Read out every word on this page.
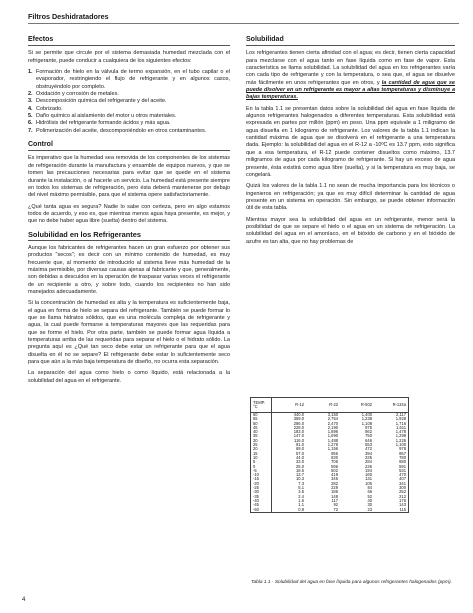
Filtros Deshidratadores
Efectos

Si se permite que circule por el sistema demasiada humedad mezclada con el refrigerante, puede conducir a cualquiera de los siguientes efectos:

1. Formación de hielo en la válvula de termo expansión, en el tubo capilar o el evaporador, restringiendo el flujo de refrigerante y en algunos casos, obstruyéndolo por completo.
2. Oxidación y corrosión de metales.
3. Descomposición química del refrigerante y del aceite.
4. Cobrizado.
5. Daño químico al aislamiento del motor u otros materiales.
6. Hidrólisis del refrigerante formando ácidos y más agua.
7. Polimerización del aceite, descomponiéndolo en otros contaminantes.
Control

Es imperativo que la humedad sea removida de los componentes de los sistemas de refrigeración durante la manufactura y ensamble de equipos nuevos, y que se tomen las precauciones necesarias para evitar que se quede en el sistema durante la instalación, o al hacerle un servicio. La humedad está presente siempre en todos los sistemas de refrigeración, pero ésta deberá mantenerse por debajo del nivel máximo permisible, para que el sistema opere satisfactoriamente.

¿Qué tanta agua es segura? Nadie lo sabe con certeza, pero en algo estamos todos de acuerdo, y eso es, que mientras menos agua haya presente, es mejor, y que no debe haber agua libre (suelta) dentro del sistema.

Solubilidad en los Refrigerantes

Aunque los fabricantes de refrigerantes hacen un gran esfuerzo por obtener sus productos "secos"; es decir con un mínimo contenido de humedad, es muy frecuente que, al momento de introducirlo al sistema lleve más humedad de la máxima permisible, por diversas causas ajenas al fabricante y que, generalmente, son debidas a descuidos en la operación de traspasar varias veces el refrigerante de un recipiente a otro, y sobre todo, cuando los recipientes no han sido manejados adecuadamente.

Si la concentración de humedad es alta y la temperatura es suficientemente baja, el agua en forma de hielo se separa del refrigerante. También se puede formar lo que se llama hidratos sólidos, que es una molécula compleja de refrigerante y agua, la cual puede formarse a temperaturas mayores que las requeridas para que se forme el hielo. Por otra parte, también se puede formar agua líquida a temperaturas arriba de las requeridas para separar el hielo o el hidrato sólido. La pregunta aquí es ¿Qué tan seco debe estar un refrigerante para que el agua disuelta en él no se separe? El refrigerante debe estar lo suficientemente seco para que aún a la más baja temperatura de diseño, no ocurra esta separación.

La separación del agua como hielo o como líquido, está relacionada a la solubilidad del agua en el refrigerante.

Solubilidad

Los refrigerantes tienen cierta afinidad con el agua; es decir, tienen cierta capacidad para mezclarse con el agua tanto en fase líquida como en fase de vapor. Esta característica se llama solubilidad. La solubilidad del agua en los refrigerantes varía con cada tipo de refrigerante y con la temperatura, o sea que, el agua se disuelve más fácilmente en unos refrigerantes que en otros, y la cantidad de agua que se puede disolver en un refrigerante es mayor a altas temperaturas y disminuye a bajas temperaturas.

En la tabla 1.1 se presentan datos sobre la solubilidad del agua en fase líquida de algunos refrigerantes halogenados a diferentes temperaturas. Esta solubilidad está expresada en partes por millón (ppm) en peso. Una ppm equivale a 1 miligramo de agua disuelta en 1 kilogramo de refrigerante. Los valores de la tabla 1.1 indican la cantidad máxima de agua que se disolverá en el refrigerante a una temperatura dada. Ejemplo: la solubilidad del agua en el R-12 a -10ºC es 13.7 ppm, esto significa que a esa temperatura, el R-12 puede contener disueltos como máximo, 13.7 miligramos de agua por cada kilogramo de refrigerante. Si hay un exceso de agua presente, ésta existirá como agua libre (suelta), y si la temperatura es muy baja, se congelará.

Quizá los valores de la tabla 1.1 no sean de mucha importancia para los técnicos o ingenieros en refrigeración; ya que es muy difícil determinar la cantidad de agua presente en un sistema en operación. Sin embargo, se puede obtener información útil de esta tabla.

Mientras mayor sea la solubilidad del agua en un refrigerante, menor será la posibilidad de que se separe el hielo o el agua en un sistema de refrigeración. La solubilidad del agua en el amoníaco, en el bióxido de carbono y en el bióxido de azufre es tan alta, que no hay problemas de

TEMP. °C	R-12	R-22	R-502	R-134a
60	440.0	3,150	1,400	2,117
55	359.0	2,754	1,238	1,928
50	286.0	2,470	1,108	1,716
45	228.0	2,190	975	1,611
40	183.0	1,896	862	1,478
35	147.0	1,690	750	1,299
30	116.0	1,488	646	1,226
25	91.0	1,278	553	1,100
20	69.0	1,156	472	978
15	57.0	956	394	857
10	44.0	830	335	780
5	33.0	706	284	680
0	25.0	596	236	591
-5	18.6	502	194	531
-10	13.7	419	160	470
-15	10.3	346	131	407
-20	7.3	282	105	341
-25	5.1	229	84	300
-30	3.5	186	66	252
-35	2.4	148	52	212
-40	1.6	117	40	176
-45	1.1	92	30	143
-50	0.8	72	23	115
Tabla 1.1 - Solubilidad del agua en fase líquida para algunos refrigerantes halogenados (ppm).
4
